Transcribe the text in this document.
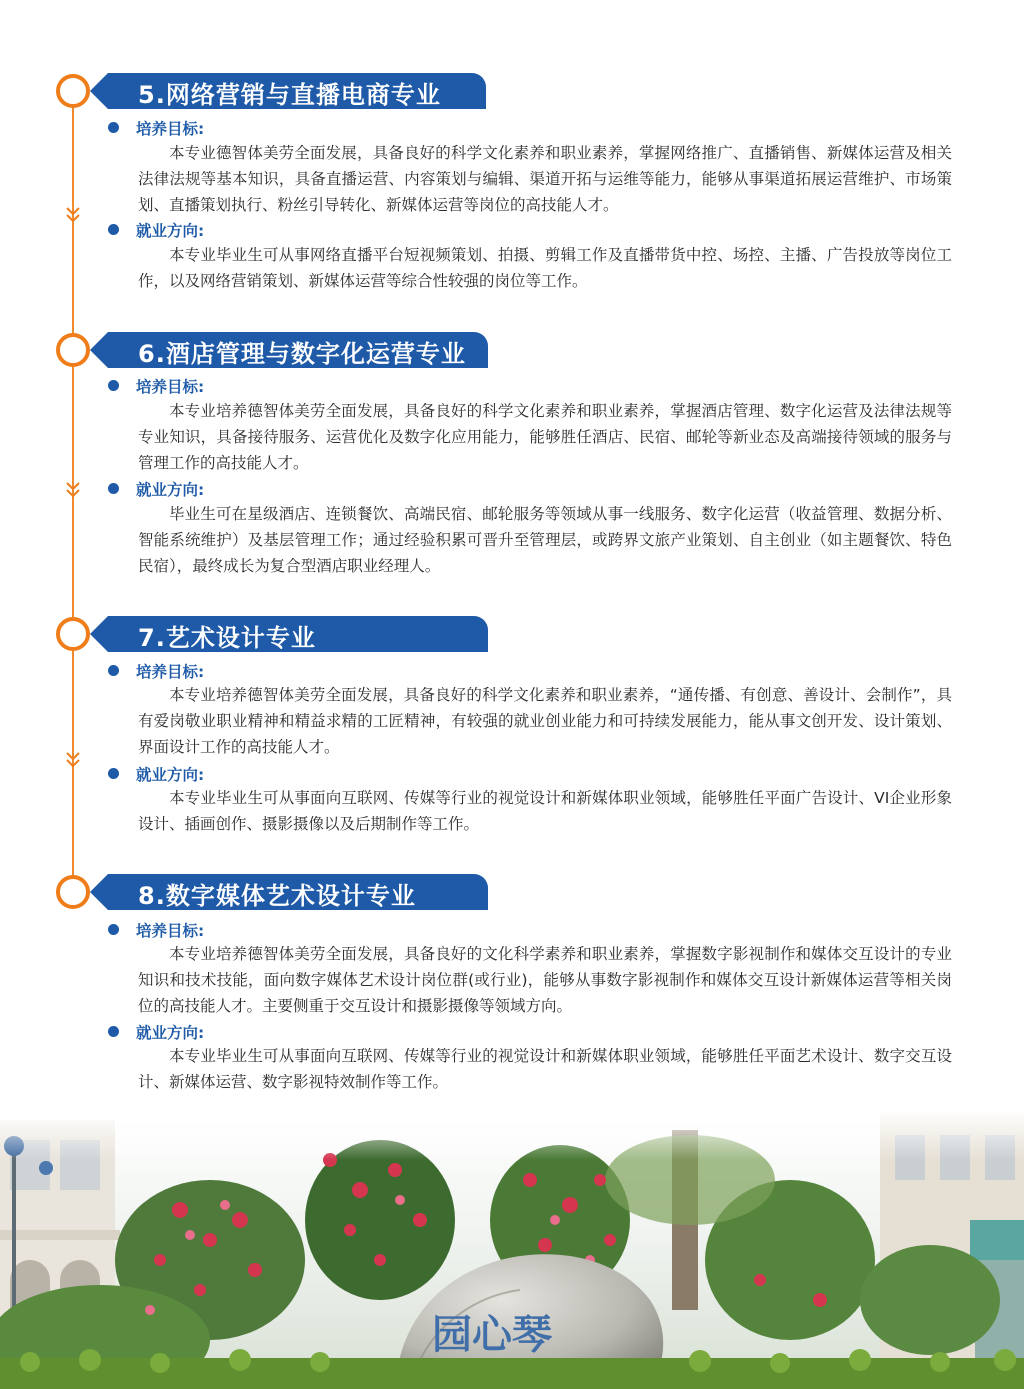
5.网络营销与直播电商专业
培养目标:
本专业德智体美劳全面发展，具备良好的科学文化素养和职业素养，掌握网络推广、直播销售、新媒体运营及相关法律法规等基本知识，具备直播运营、内容策划与编辑、渠道开拓与运维等能力，能够从事渠道拓展运营维护、市场策划、直播策划执行、粉丝引导转化、新媒体运营等岗位的高技能人才。
就业方向:
本专业毕业生可从事网络直播平台短视频策划、拍摄、剪辑工作及直播带货中控、场控、主播、广告投放等岗位工作，以及网络营销策划、新媒体运营等综合性较强的岗位等工作。
6.酒店管理与数字化运营专业
培养目标:
本专业培养德智体美劳全面发展，具备良好的科学文化素养和职业素养，掌握酒店管理、数字化运营及法律法规等专业知识，具备接待服务、运营优化及数字化应用能力，能够胜任酒店、民宿、邮轮等新业态及高端接待领域的服务与管理工作的高技能人才。
就业方向:
毕业生可在星级酒店、连锁餐饮、高端民宿、邮轮服务等领域从事一线服务、数字化运营（收益管理、数据分析、智能系统维护）及基层管理工作；通过经验积累可晋升至管理层，或跨界文旅产业策划、自主创业（如主题餐饮、特色民宿），最终成长为复合型酒店职业经理人。
7.艺术设计专业
培养目标:
本专业培养德智体美劳全面发展，具备良好的科学文化素养和职业素养，“通传播、有创意、善设计、会制作”，具有爱岗敬业职业精神和精益求精的工匠精神，有较强的就业创业能力和可持续发展能力，能从事文创开发、设计策划、界面设计工作的高技能人才。
就业方向:
本专业毕业生可从事面向互联网、传媒等行业的视觉设计和新媒体职业领域，能够胜任平面广告设计、VI企业形象设计、插画创作、摄影摄像以及后期制作等工作。
8.数字媒体艺术设计专业
培养目标:
本专业培养德智体美劳全面发展，具备良好的文化科学素养和职业素养，掌握数字影视制作和媒体交互设计的专业知识和技术技能，面向数字媒体艺术设计岗位群(或行业)，能够从事数字影视制作和媒体交互设计新媒体运营等相关岗位的高技能人才。主要侧重于交互设计和摄影摄像等领域方向。
就业方向:
本专业毕业生可从事面向互联网、传媒等行业的视觉设计和新媒体职业领域，能够胜任平面艺术设计、数字交互设计、新媒体运营、数字影视特效制作等工作。
园心琴
